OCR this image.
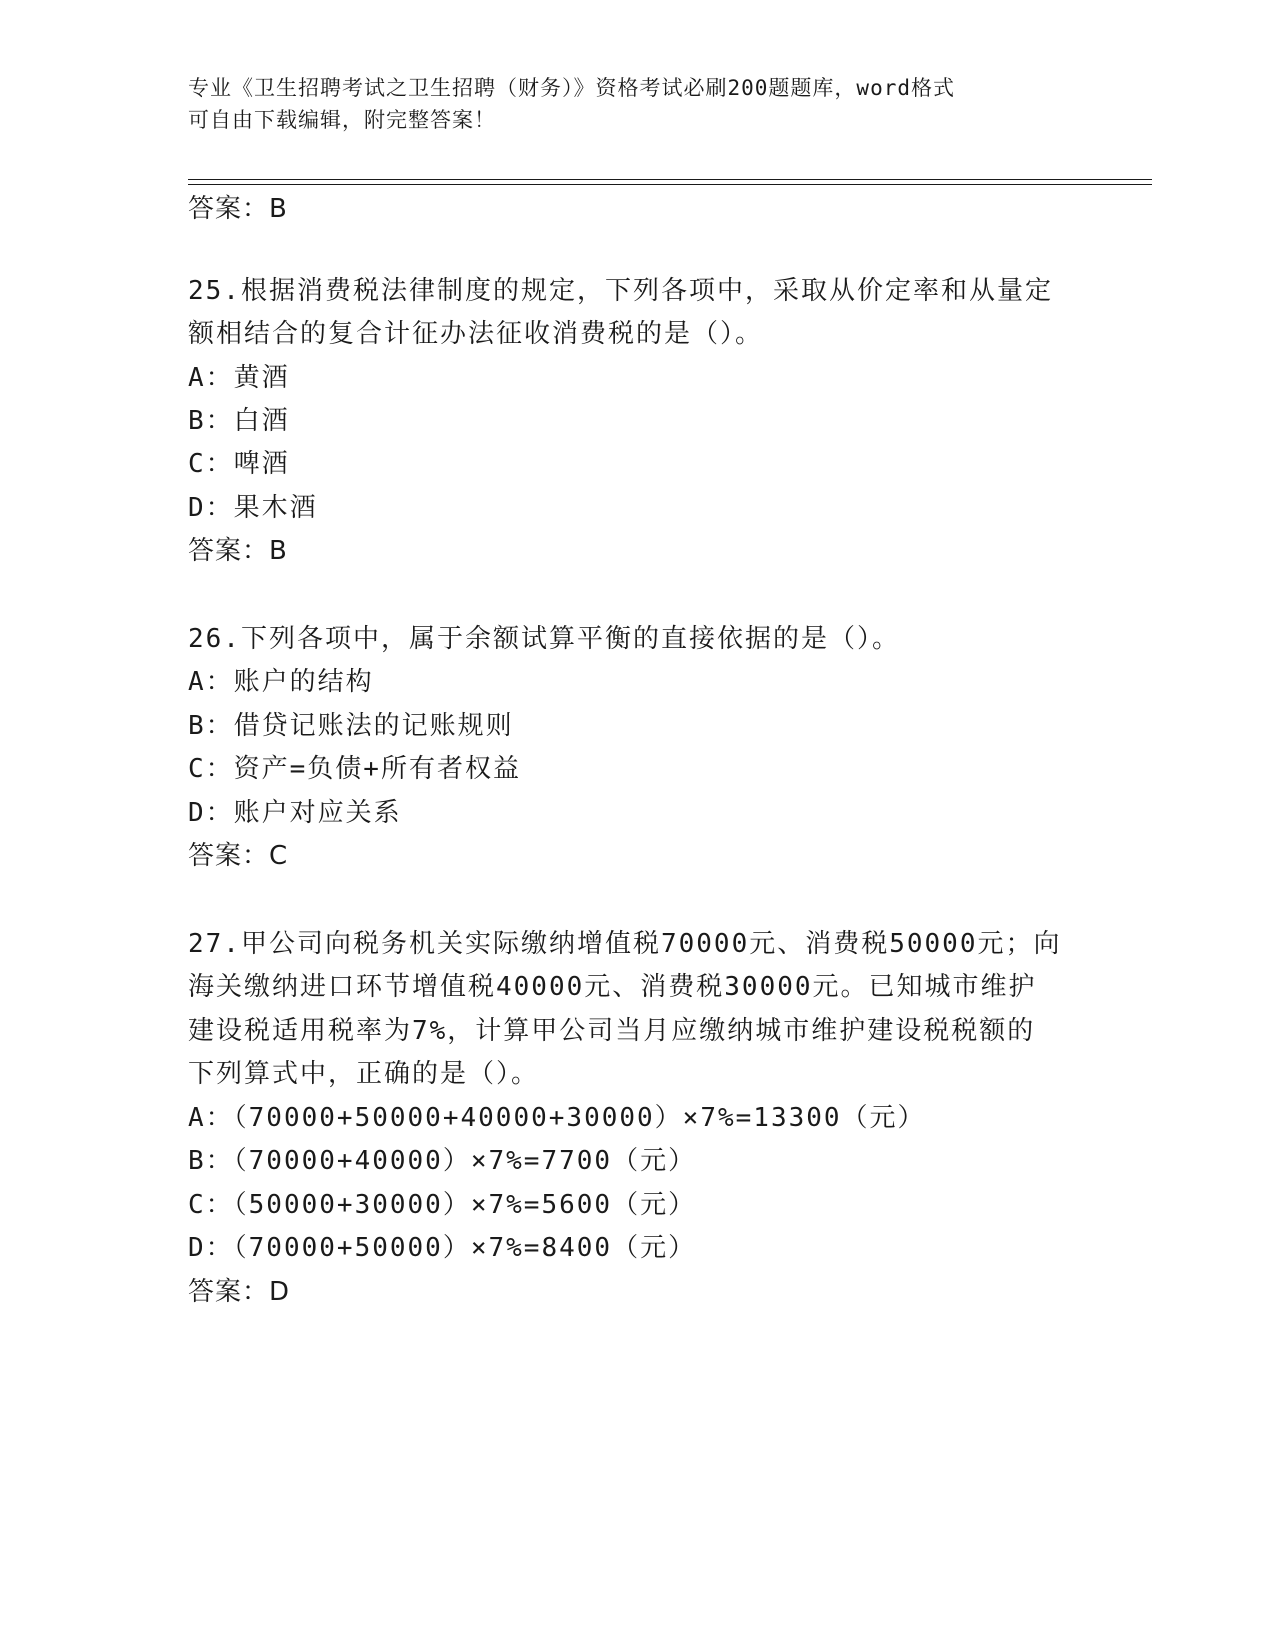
专业《卫生招聘考试之卫生招聘（财务）》资格考试必刷200题题库，word格式
可自由下载编辑，附完整答案！
答案：B
25.根据消费税法律制度的规定，下列各项中，采取从价定率和从量定
额相结合的复合计征办法征收消费税的是（）。
A：黄酒
B：白酒
C：啤酒
D：果木酒
答案：B
26.下列各项中，属于余额试算平衡的直接依据的是（）。
A：账户的结构
B：借贷记账法的记账规则
C：资产=负债+所有者权益
D：账户对应关系
答案：C
27.甲公司向税务机关实际缴纳增值税70000元、消费税50000元；向
海关缴纳进口环节增值税40000元、消费税30000元。已知城市维护
建设税适用税率为7%，计算甲公司当月应缴纳城市维护建设税税额的
下列算式中，正确的是（）。
A：（70000+50000+40000+30000）×7%=13300（元）
B：（70000+40000）×7%=7700（元）
C：（50000+30000）×7%=5600（元）
D：（70000+50000）×7%=8400（元）
答案：D
